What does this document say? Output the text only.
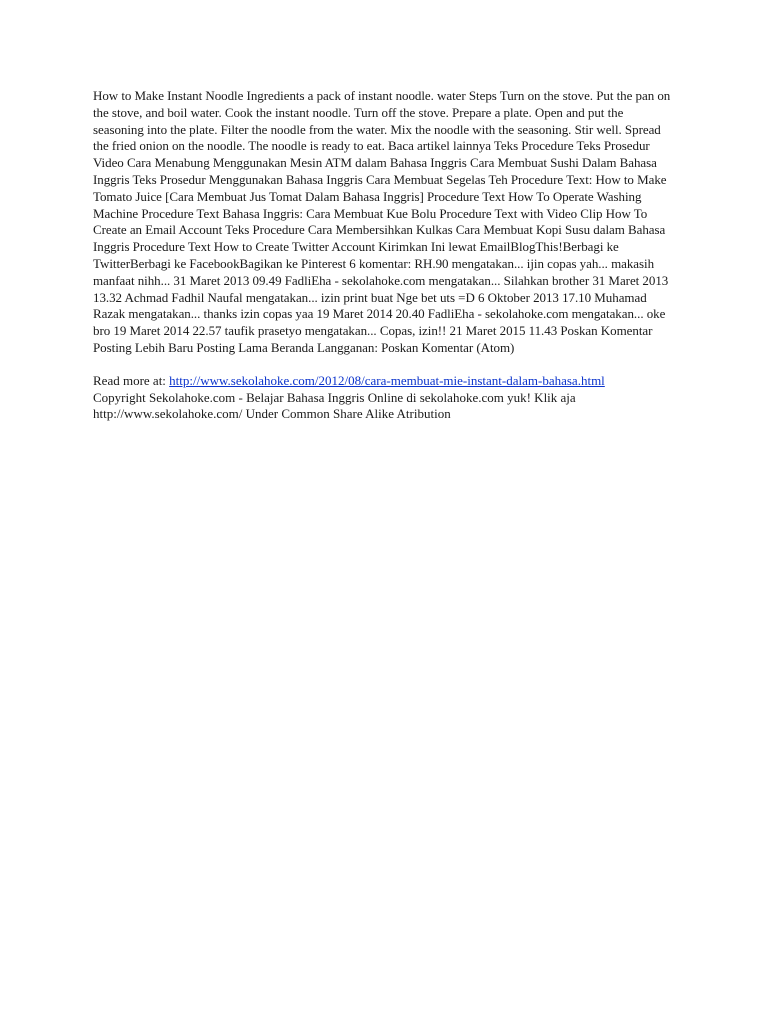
How to Make Instant Noodle Ingredients a pack of instant noodle. water Steps Turn on the stove. Put the pan on the stove, and boil water. Cook the instant noodle. Turn off the stove. Prepare a plate. Open and put the seasoning into the plate. Filter the noodle from the water. Mix the noodle with the seasoning. Stir well. Spread the fried onion on the noodle. The noodle is ready to eat. Baca artikel lainnya Teks Procedure Teks Prosedur Video Cara Menabung Menggunakan Mesin ATM dalam Bahasa Inggris Cara Membuat Sushi Dalam Bahasa Inggris Teks Prosedur Menggunakan Bahasa Inggris Cara Membuat Segelas Teh Procedure Text: How to Make Tomato Juice [Cara Membuat Jus Tomat Dalam Bahasa Inggris] Procedure Text How To Operate Washing Machine Procedure Text Bahasa Inggris: Cara Membuat Kue Bolu Procedure Text with Video Clip How To Create an Email Account Teks Procedure Cara Membersihkan Kulkas Cara Membuat Kopi Susu dalam Bahasa Inggris Procedure Text How to Create Twitter Account Kirimkan Ini lewat EmailBlogThis!Berbagi ke TwitterBerbagi ke FacebookBagikan ke Pinterest 6 komentar: RH.90 mengatakan... ijin copas yah... makasih manfaat nihh... 31 Maret 2013 09.49 FadliEha - sekolahoke.com mengatakan... Silahkan brother 31 Maret 2013 13.32 Achmad Fadhil Naufal mengatakan... izin print buat Nge bet uts =D 6 Oktober 2013 17.10 Muhamad Razak mengatakan... thanks izin copas yaa 19 Maret 2014 20.40 FadliEha - sekolahoke.com mengatakan... oke bro 19 Maret 2014 22.57 taufik prasetyo mengatakan... Copas, izin!! 21 Maret 2015 11.43 Poskan Komentar Posting Lebih Baru Posting Lama Beranda Langganan: Poskan Komentar (Atom)

Read more at: http://www.sekolahoke.com/2012/08/cara-membuat-mie-instant-dalam-bahasa.html

Copyright Sekolahoke.com - Belajar Bahasa Inggris Online di sekolahoke.com yuk! Klik aja http://www.sekolahoke.com/ Under Common Share Alike Atribution
